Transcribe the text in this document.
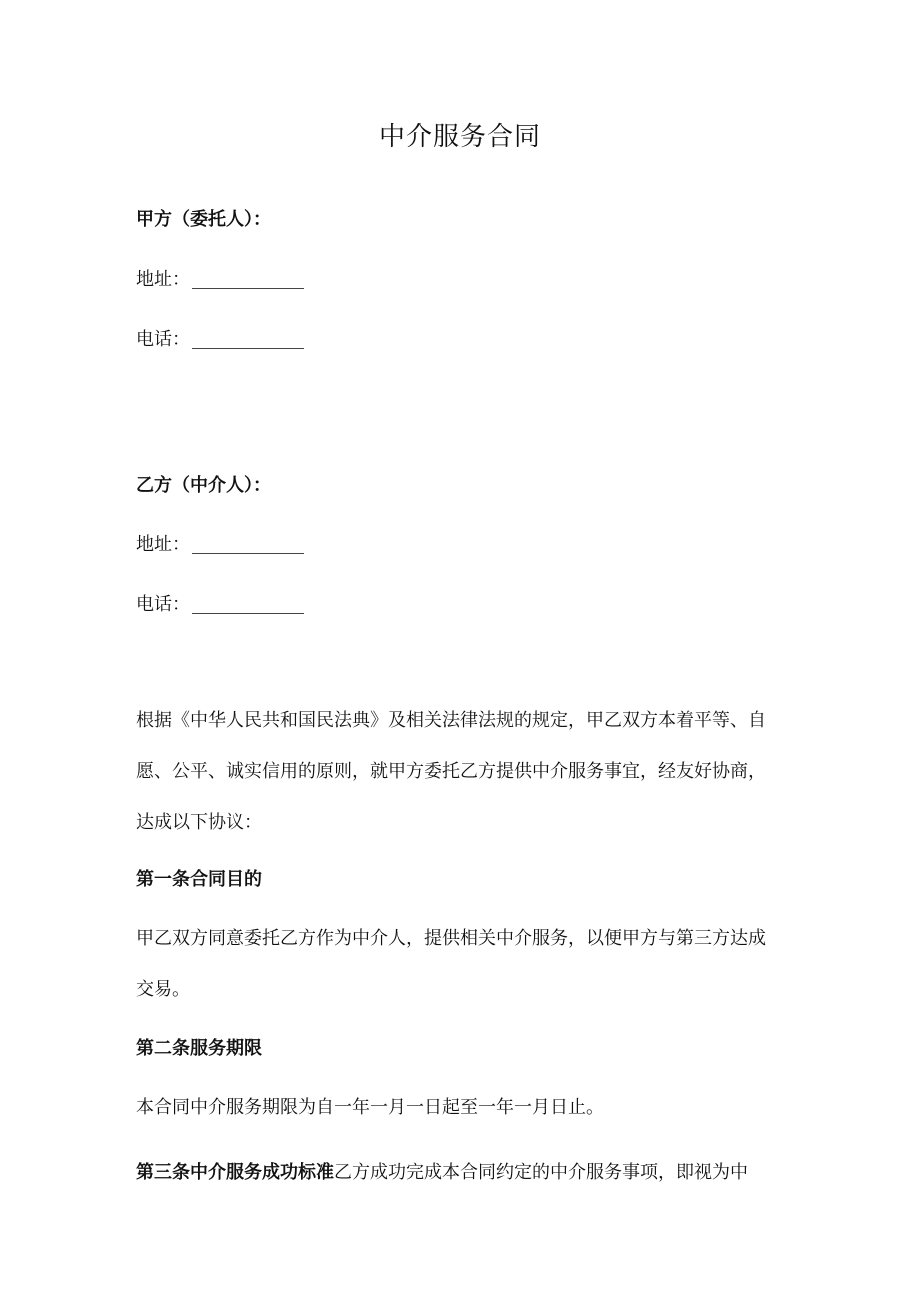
中介服务合同
甲方（委托人）：
地址：
电话：
乙方（中介人）：
地址：
电话：
根据《中华人民共和国民法典》及相关法律法规的规定，甲乙双方本着平等、自
愿、公平、诚实信用的原则，就甲方委托乙方提供中介服务事宜，经友好协商，
达成以下协议：
第一条合同目的
甲乙双方同意委托乙方作为中介人，提供相关中介服务，以便甲方与第三方达成
交易。
第二条服务期限
本合同中介服务期限为自一年一月一日起至一年一月日止。
第三条中介服务成功标准乙方成功完成本合同约定的中介服务事项，即视为中
